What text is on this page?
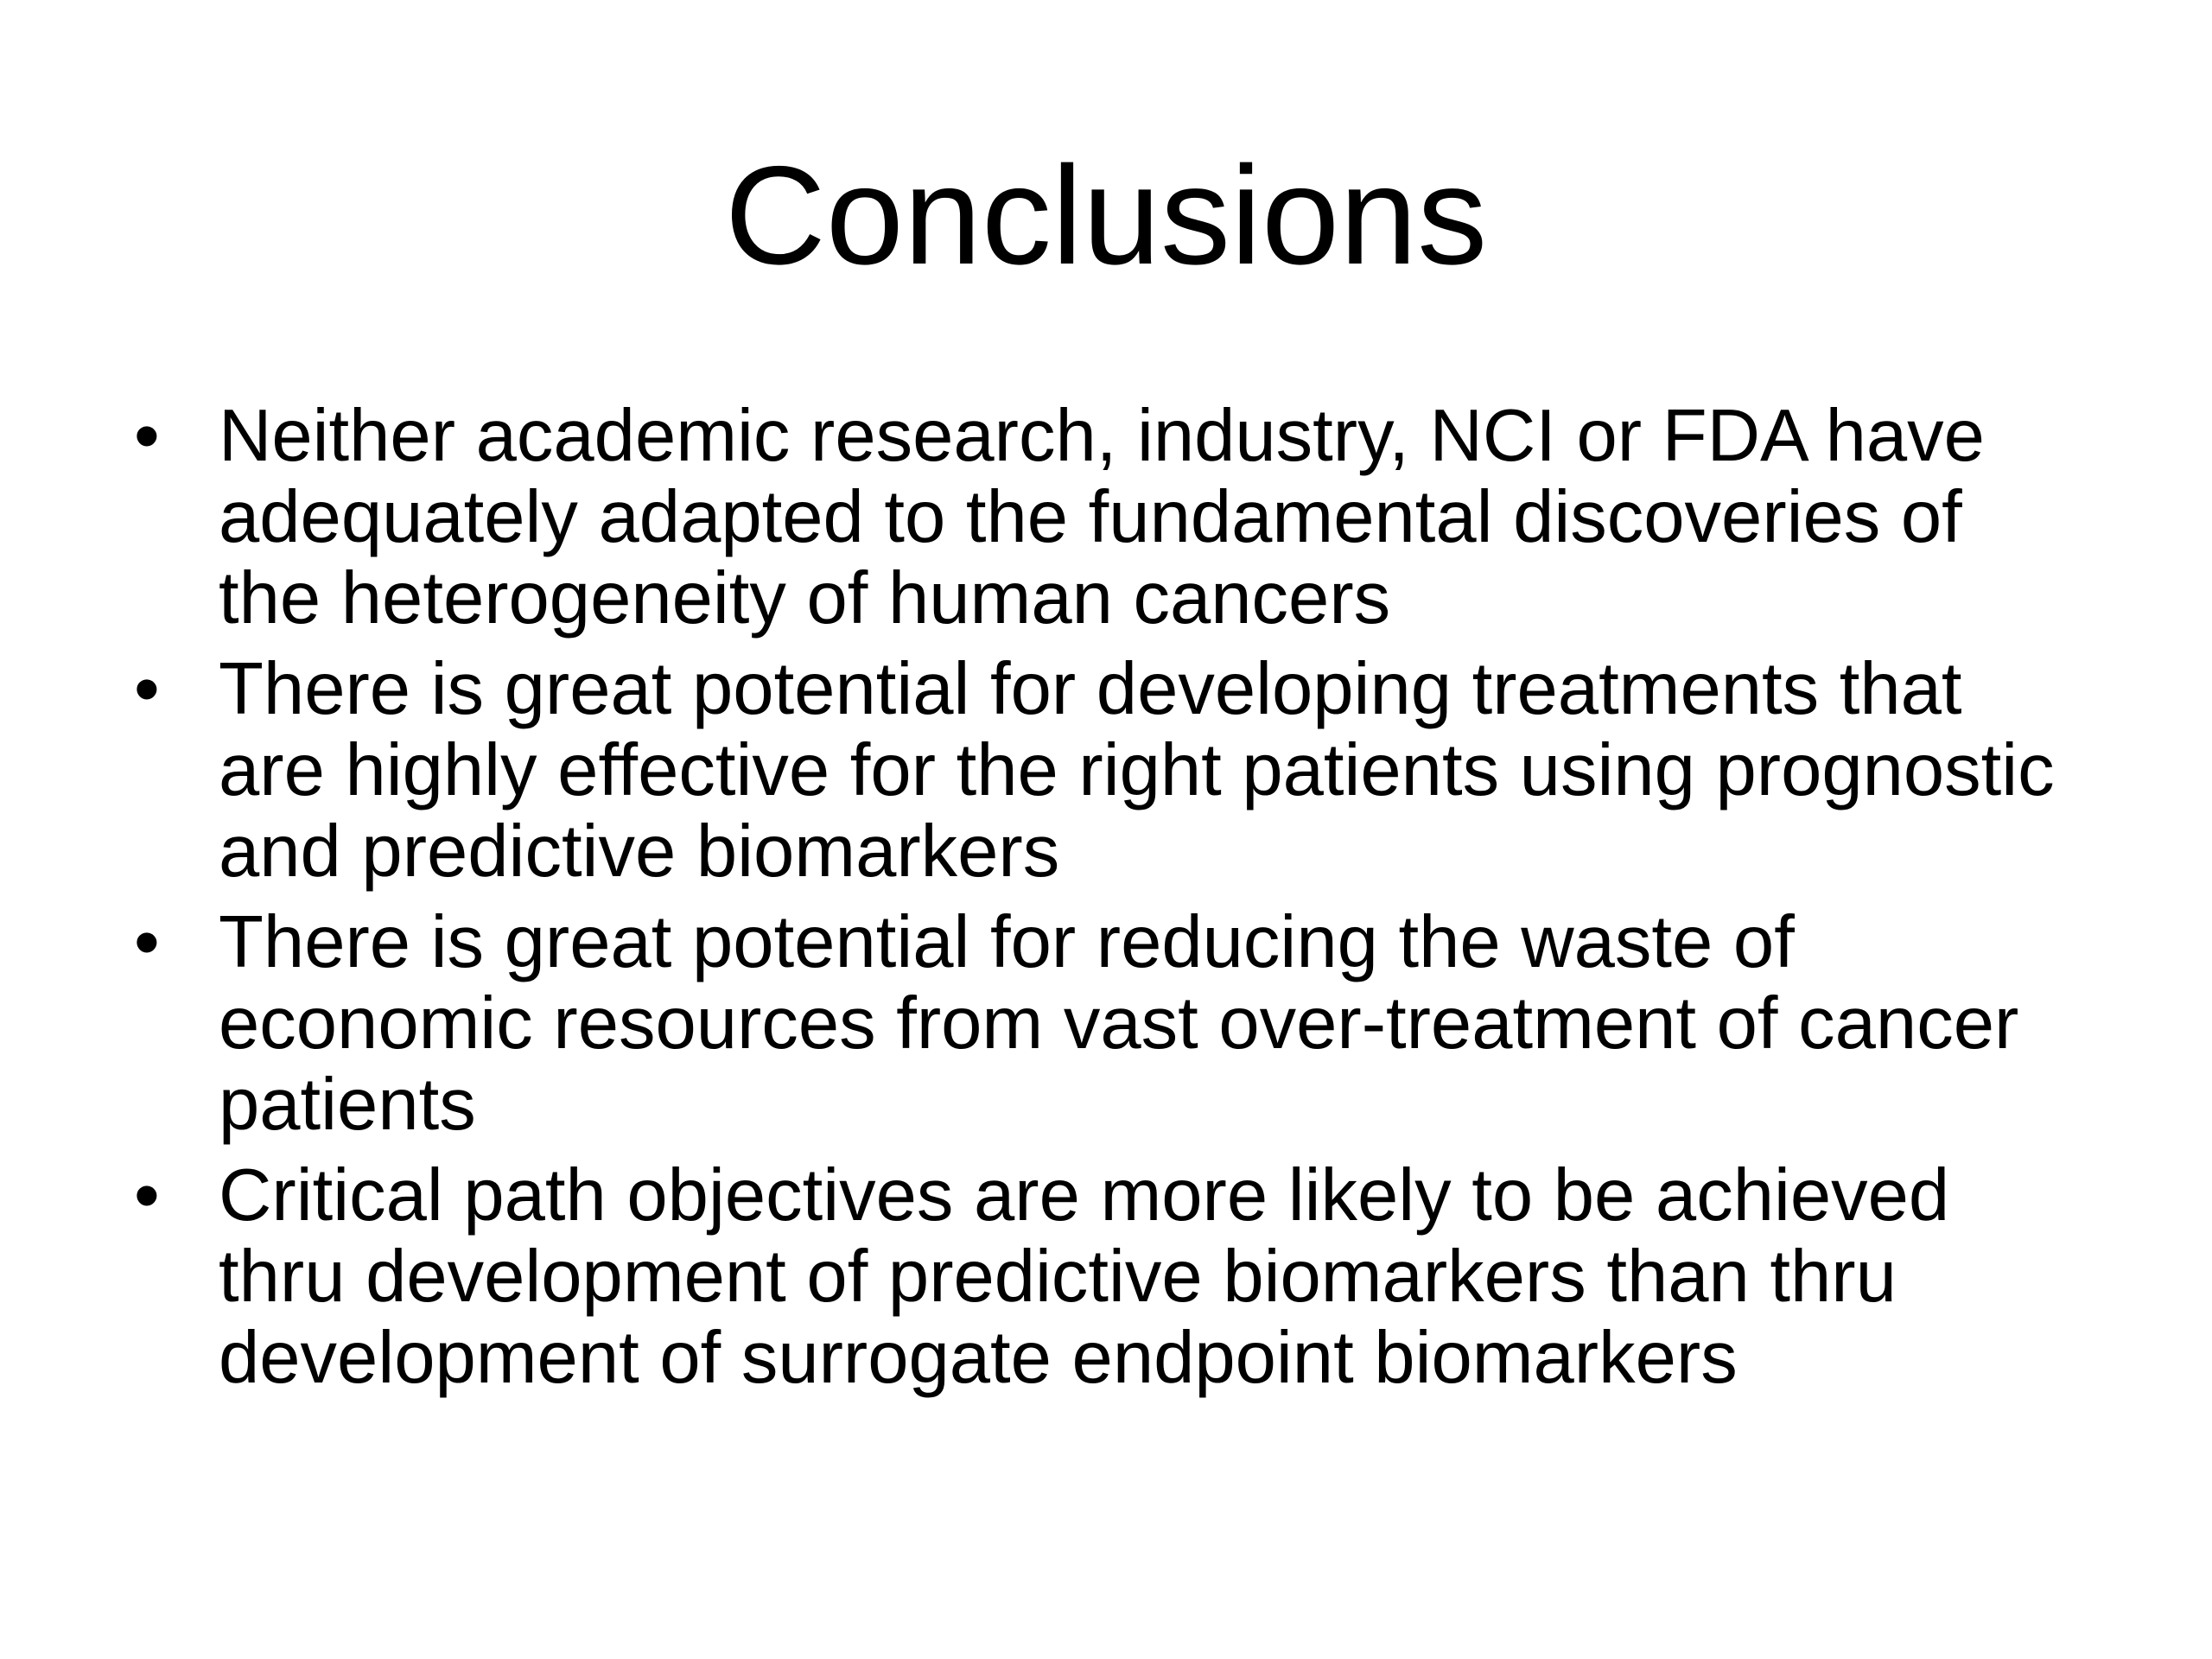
Conclusions
• Neither academic research, industry, NCI or FDA have
adequately adapted to the fundamental discoveries of
the heterogeneity of human cancers
• There is great potential for developing treatments that
are highly effective for the right patients using prognostic
and predictive biomarkers
• There is great potential for reducing the waste of
economic resources from vast over-treatment of cancer
patients
• Critical path objectives are more likely to be achieved
thru development of predictive biomarkers than thru
development of surrogate endpoint biomarkers
